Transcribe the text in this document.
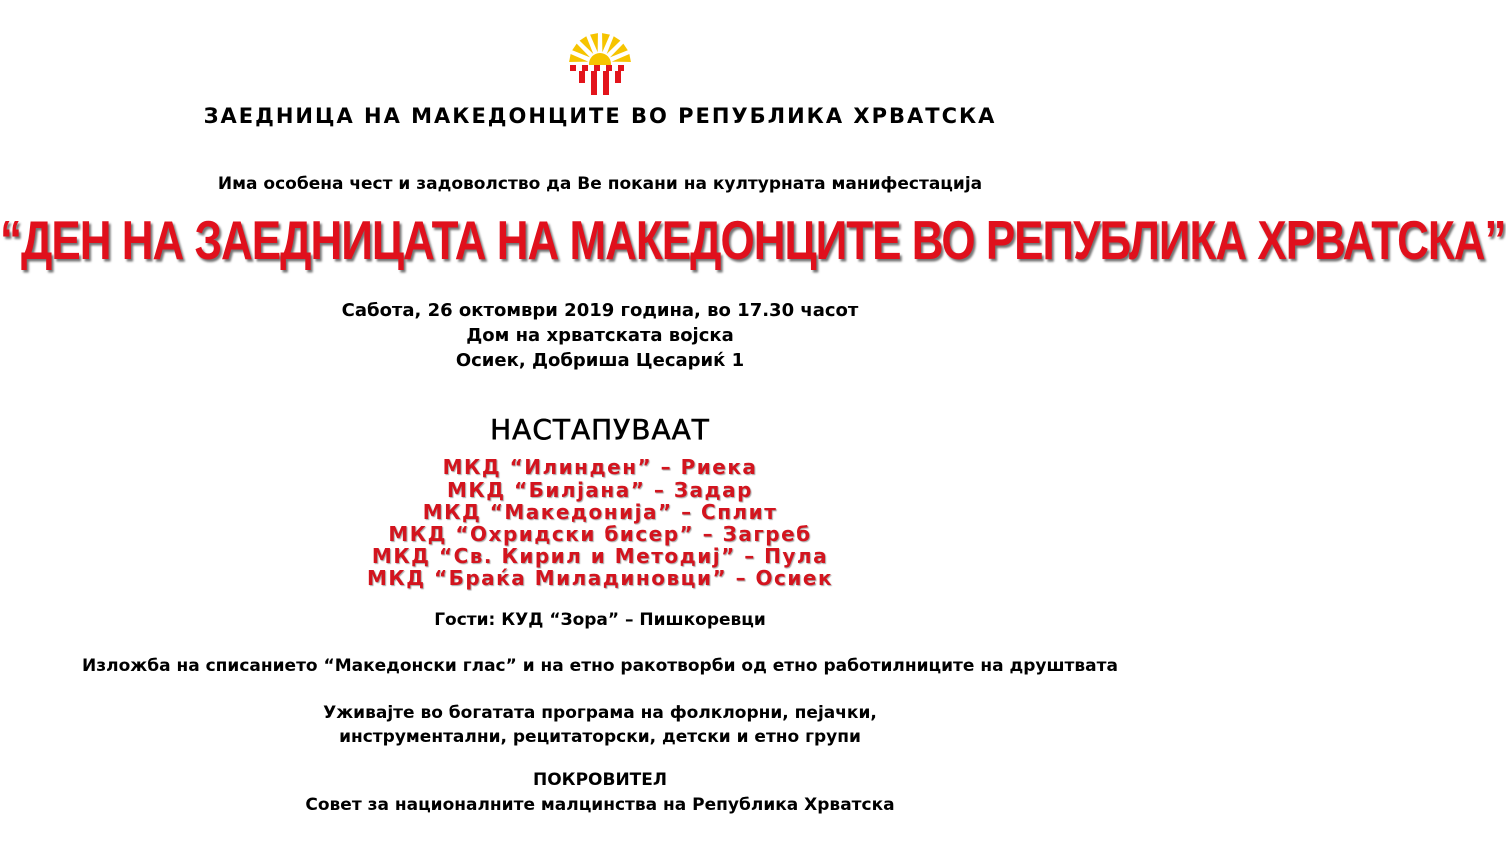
ЗАЕДНИЦА НА МАКЕДОНЦИТЕ ВО РЕПУБЛИКА ХРВАТСКА
Има особена чест и задоволство да Ве покани на културната манифестација
“ДЕН НА ЗАЕДНИЦАТА НА МАКЕДОНЦИТЕ ВО РЕПУБЛИКА ХРВАТСКА”
Сабота, 26 октомври 2019 година, во 17.30 часот
Дом на хрватската војска
Осиек, Добриша Цесариќ 1
НАСТАПУВААТ
МКД “Илинден” – Риека
МКД “Билјана” – Задар
МКД “Македонија” – Сплит
МКД “Охридски бисер” – Загреб
МКД “Св. Кирил и Методиј” – Пула
МКД “Браќа Миладиновци” – Осиек
Гости: КУД “Зора” – Пишкоревци
Изложба на списанието “Македонски глас” и на етно ракотворби од етно работилниците на друштвата
Уживајте во богатата програма на фолклорни, пејачки,
инструментални, рецитаторски, детски и етно групи
ПОКРОВИТЕЛ
Совет за националните малцинства на Република Хрватска
